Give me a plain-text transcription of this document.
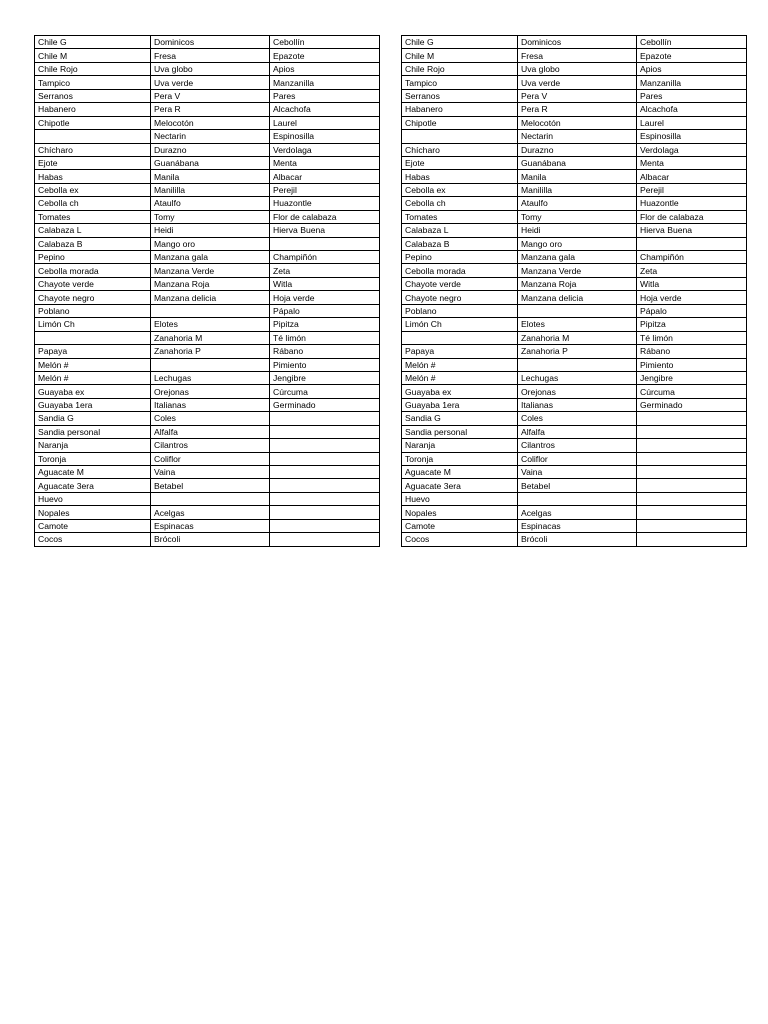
Chile G	Dominicos	Cebollín
Chile M	Fresa	Epazote
Chile Rojo	Uva globo	Apios
Tampico	Uva verde	Manzanilla
Serranos	Pera V	Pares
Habanero	Pera R	Alcachofa
Chipotle	Melocotón	Laurel
	Nectarin	Espinosilla
Chícharo	Durazno	Verdolaga
Ejote	Guanábana	Menta
Habas	Manila	Albacar
Cebolla ex	Manililla	Perejil
Cebolla ch	Ataulfo	Huazontle
Tomates	Tomy	Flor de calabaza
Calabaza L	Heidi	Hierva Buena
Calabaza B	Mango oro	
Pepino	Manzana gala	Champiñón
Cebolla morada	Manzana Verde	Zeta
Chayote verde	Manzana Roja	Witla
Chayote negro	Manzana delicia	Hoja verde
Poblano		Pápalo
Limón Ch	Elotes	Pipitza
	Zanahoria M	Té limón
Papaya	Zanahoria P	Rábano
Melón #		Pimiento
Melón #	Lechugas	Jengibre
Guayaba ex	Orejonas	Cúrcuma
Guayaba 1era	Italianas	Germinado
Sandia G	Coles	
Sandia personal	Alfalfa	
Naranja	Cilantros	
Toronja	Coliflor	
Aguacate M	Vaina	
Aguacate 3era	Betabel	
Huevo		
Nopales	Acelgas	
Camote	Espinacas	
Cocos	Brócoli	
Chile G	Dominicos	Cebollín
Chile M	Fresa	Epazote
Chile Rojo	Uva globo	Apios
Tampico	Uva verde	Manzanilla
Serranos	Pera V	Pares
Habanero	Pera R	Alcachofa
Chipotle	Melocotón	Laurel
	Nectarin	Espinosilla
Chícharo	Durazno	Verdolaga
Ejote	Guanábana	Menta
Habas	Manila	Albacar
Cebolla ex	Manililla	Perejil
Cebolla ch	Ataulfo	Huazontle
Tomates	Tomy	Flor de calabaza
Calabaza L	Heidi	Hierva Buena
Calabaza B	Mango oro	
Pepino	Manzana gala	Champiñón
Cebolla morada	Manzana Verde	Zeta
Chayote verde	Manzana Roja	Witla
Chayote negro	Manzana delicia	Hoja verde
Poblano		Pápalo
Limón Ch	Elotes	Pipitza
	Zanahoria M	Té limón
Papaya	Zanahoria P	Rábano
Melón #		Pimiento
Melón #	Lechugas	Jengibre
Guayaba ex	Orejonas	Cúrcuma
Guayaba 1era	Italianas	Germinado
Sandia G	Coles	
Sandia personal	Alfalfa	
Naranja	Cilantros	
Toronja	Coliflor	
Aguacate M	Vaina	
Aguacate 3era	Betabel	
Huevo		
Nopales	Acelgas	
Camote	Espinacas	
Cocos	Brócoli	
